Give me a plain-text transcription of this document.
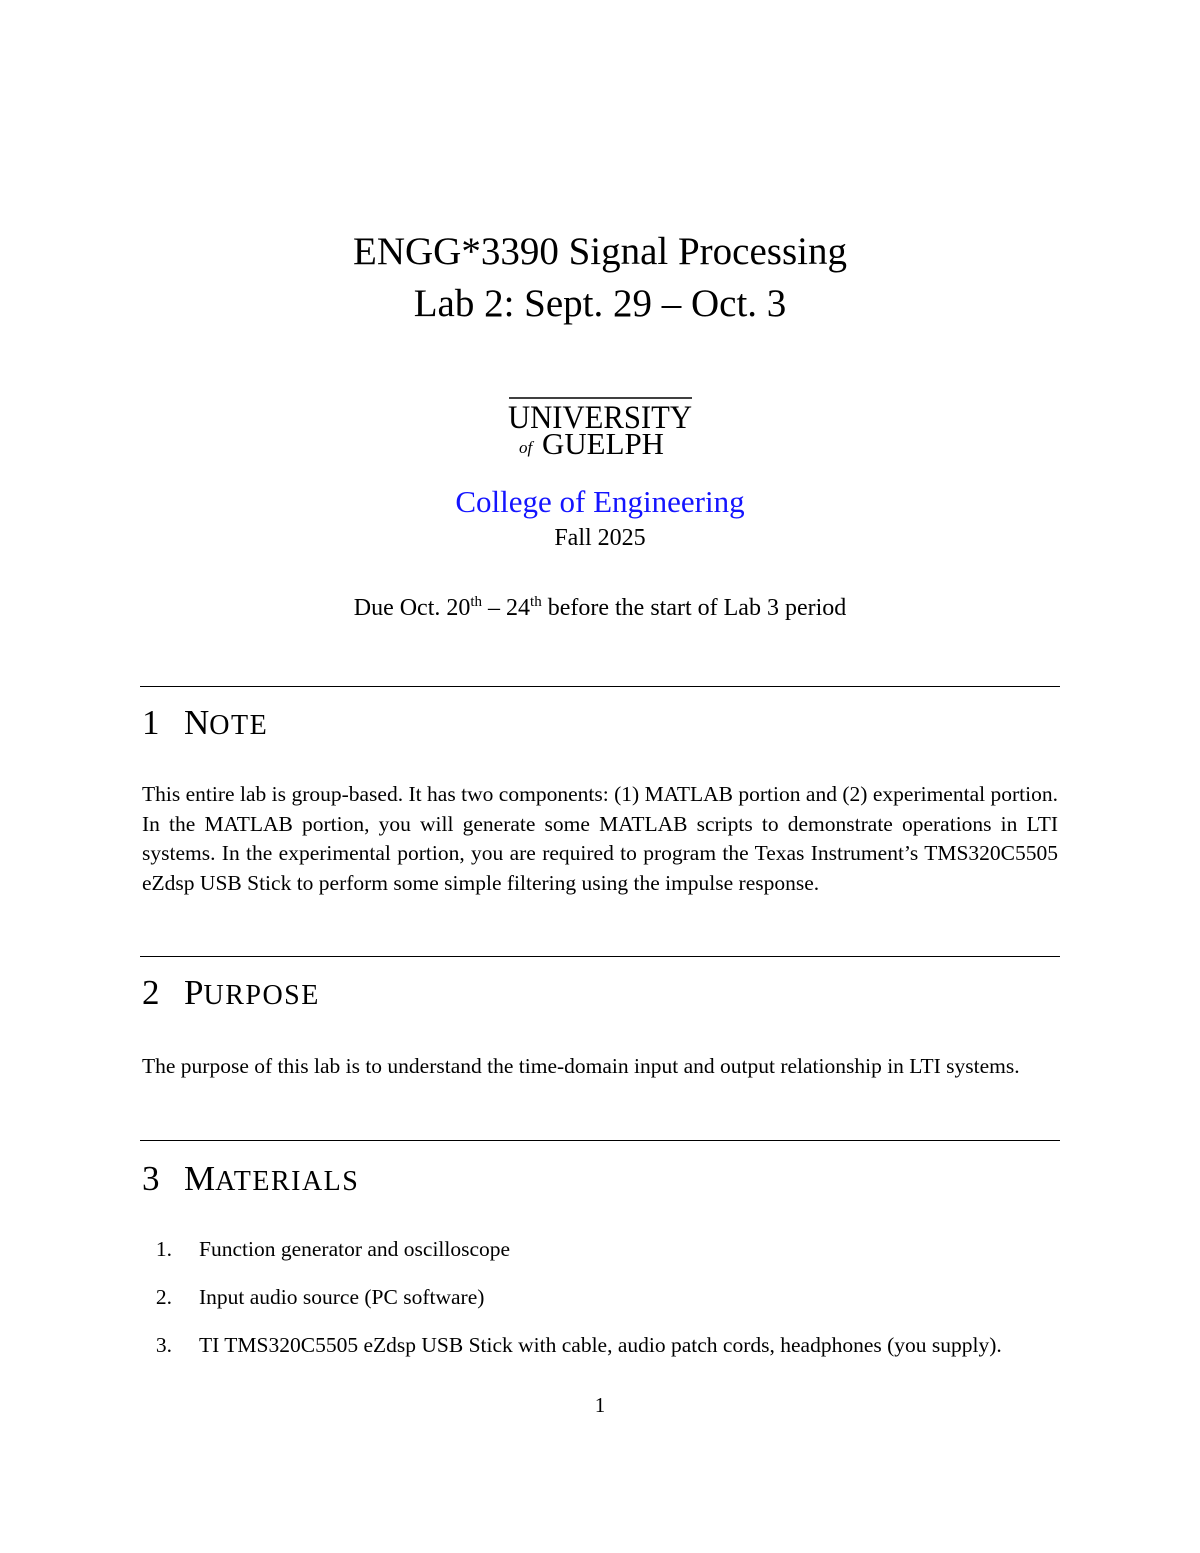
ENGG*3390 Signal Processing
Lab 2: Sept. 29 – Oct. 3
UNIVERSITY
of GUELPH
College of Engineering
Fall 2025
Due Oct. 20th – 24th before the start of Lab 3 period
1 NOTE

This entire lab is group-based. It has two components: (1) MATLAB portion and (2) experimental portion. In the MATLAB portion, you will generate some MATLAB scripts to demonstrate operations in LTI systems. In the experimental portion, you are required to program the Texas Instrument’s TMS320C5505 eZdsp USB Stick to perform some simple filtering using the impulse response.

2 PURPOSE

The purpose of this lab is to understand the time-domain input and output relationship in LTI systems.

3 MATERIALS
1. Function generator and oscilloscope
2. Input audio source (PC software)
3. TI TMS320C5505 eZdsp USB Stick with cable, audio patch cords, headphones (you supply).
1
